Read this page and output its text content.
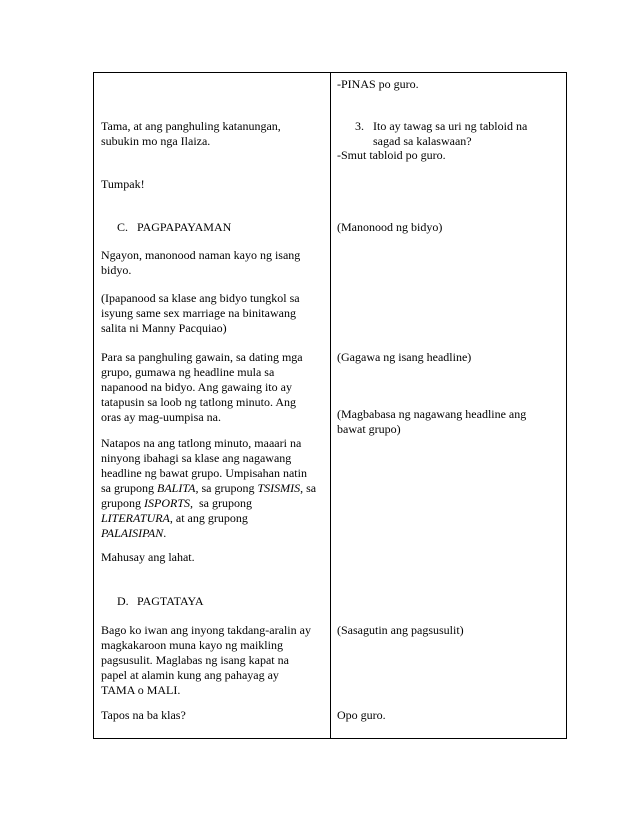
Tama, at ang panghuling katanungan,
subukin mo nga Ilaiza.
Tumpak!
C. PAGPAPAYAMAN
Ngayon, manonood naman kayo ng isang
bidyo.
(Ipapanood sa klase ang bidyo tungkol sa
isyung same sex marriage na binitawang
salita ni Manny Pacquiao)
Para sa panghuling gawain, sa dating mga
grupo, gumawa ng headline mula sa
napanood na bidyo. Ang gawaing ito ay
tatapusin sa loob ng tatlong minuto. Ang
oras ay mag-uumpisa na.
Natapos na ang tatlong minuto, maaari na
ninyong ibahagi sa klase ang nagawang
headline ng bawat grupo. Umpisahan natin
sa grupong BALITA, sa grupong TSISMIS, sa
grupong ISPORTS,  sa grupong
LITERATURA, at ang grupong
PALAISIPAN.
Mahusay ang lahat.
D. PAGTATAYA
Bago ko iwan ang inyong takdang-aralin ay
magkakaroon muna kayo ng maikling
pagsusulit. Maglabas ng isang kapat na
papel at alamin kung ang pahayag ay
TAMA o MALI.
Tapos na ba klas?
-PINAS po guro.
3. Ito ay tawag sa uri ng tabloid na
sagad sa kalaswaan?
-Smut tabloid po guro.
(Manonood ng bidyo)
(Gagawa ng isang headline)
(Magbabasa ng nagawang headline ang
bawat grupo)
(Sasagutin ang pagsusulit)
Opo guro.
